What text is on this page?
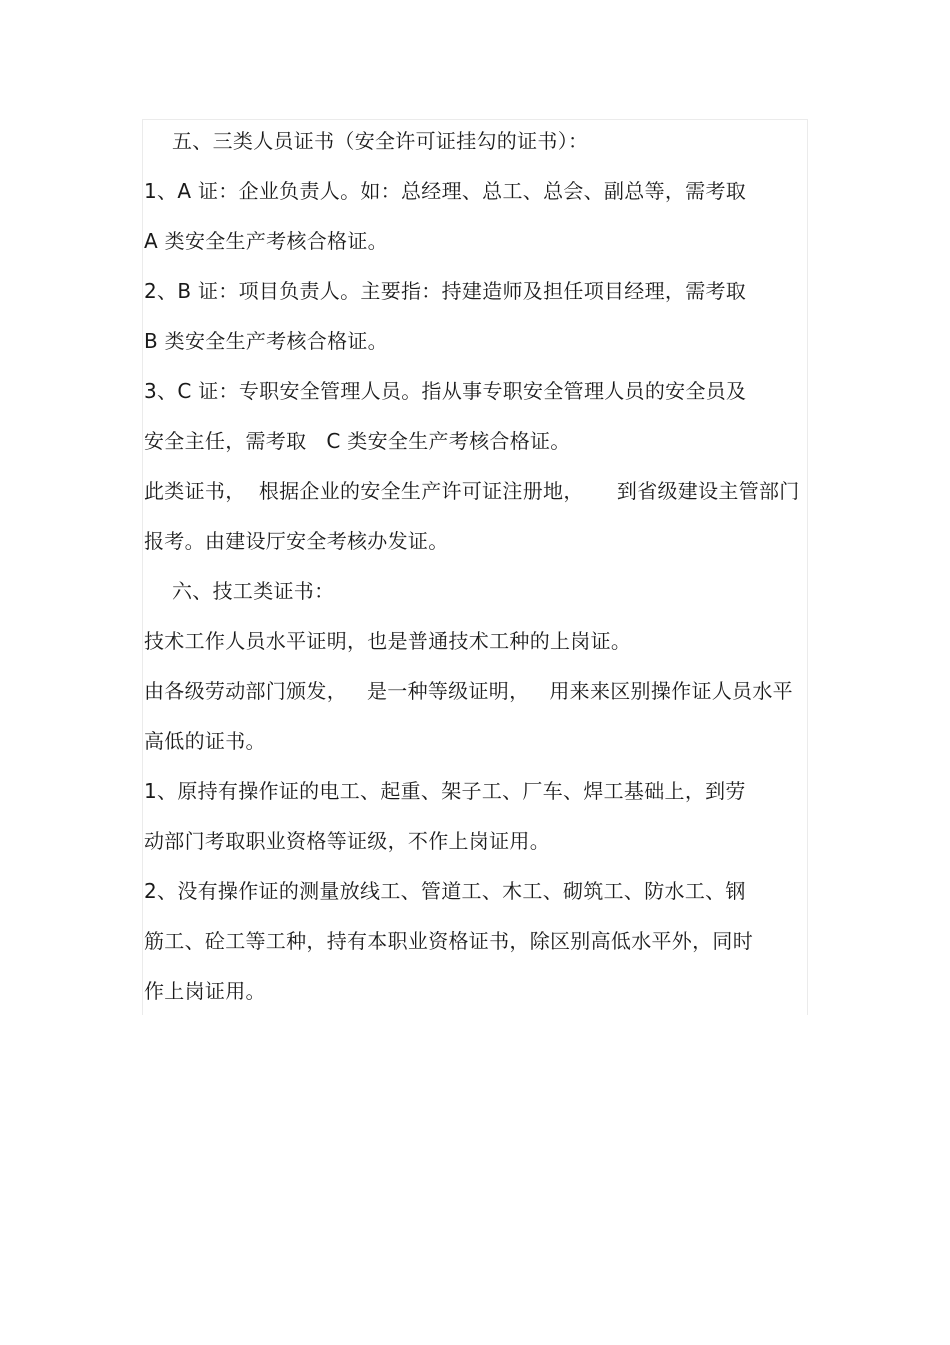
五、三类人员证书（安全许可证挂勾的证书）：
1、A 证：企业负责人。如：总经理、总工、总会、副总等，需考取
A 类安全生产考核合格证。
2、B 证：项目负责人。主要指：持建造师及担任项目经理，需考取
B 类安全生产考核合格证。
3、C 证：专职安全管理人员。指从事专职安全管理人员的安全员及
安全主任，需考取   C 类安全生产考核合格证。
此类证书，  根据企业的安全生产许可证注册地，     到省级建设主管部门
报考。由建设厅安全考核办发证。
六、技工类证书：
技术工作人员水平证明，也是普通技术工种的上岗证。
由各级劳动部门颁发，   是一种等级证明，   用来来区别操作证人员水平
高低的证书。
1、原持有操作证的电工、起重、架子工、厂车、焊工基础上，到劳
动部门考取职业资格等证级，不作上岗证用。
2、没有操作证的测量放线工、管道工、木工、砌筑工、防水工、钢
筋工、砼工等工种，持有本职业资格证书，除区别高低水平外，同时
作上岗证用。
